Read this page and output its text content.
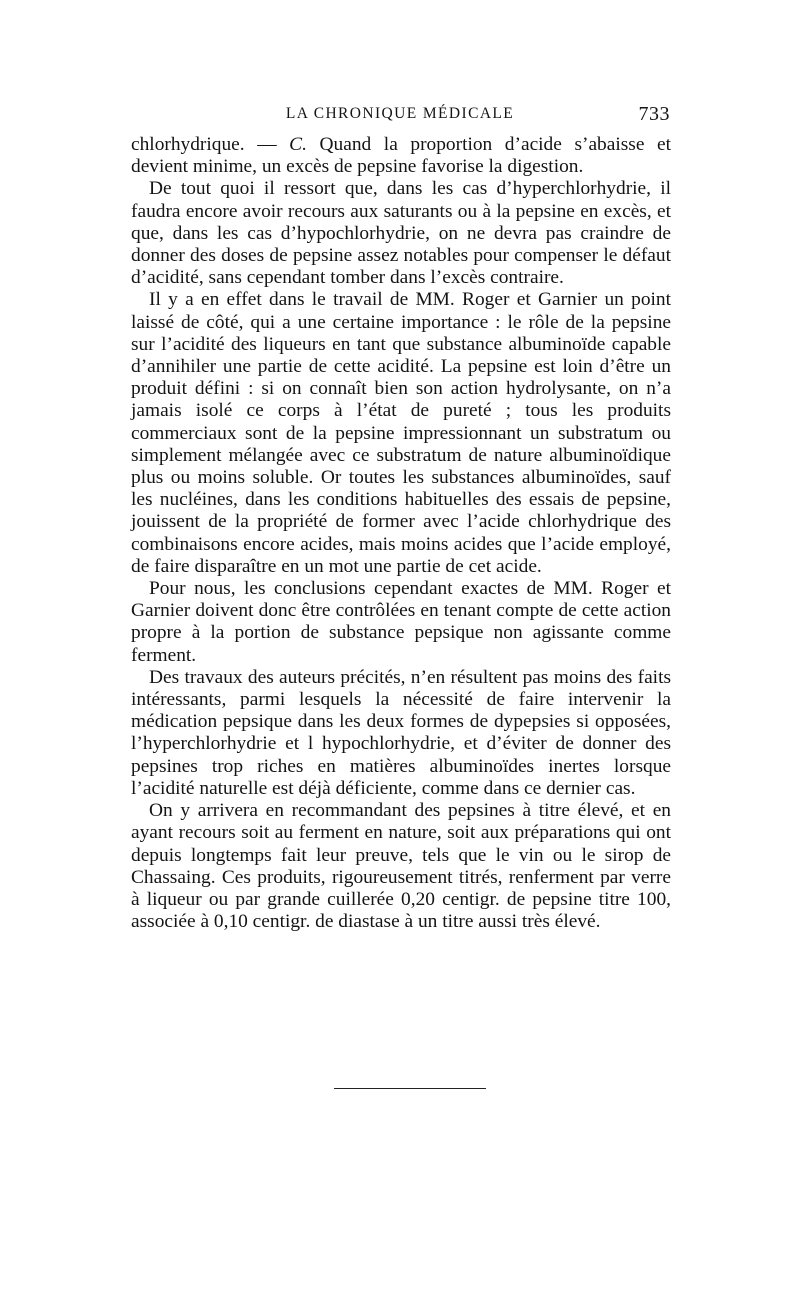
LA CHRONIQUE MÉDICALE	733

chlorhydrique. — C. Quand la proportion d’acide s’abaisse et devient minime, un excès de pepsine favorise la digestion.

De tout quoi il ressort que, dans les cas d’hyperchlorhydrie, il faudra encore avoir recours aux saturants ou à la pepsine en excès, et que, dans les cas d’hypochlorhydrie, on ne devra pas craindre de donner des doses de pepsine assez notables pour compenser le défaut d’acidité, sans cependant tomber dans l’excès contraire.

Il y a en effet dans le travail de MM. Roger et Garnier un point laissé de côté, qui a une certaine importance : le rôle de la pepsine sur l’acidité des liqueurs en tant que substance albuminoïde capable d’annihiler une partie de cette acidité. La pepsine est loin d’être un produit défini : si on connaît bien son action hydrolysante, on n’a jamais isolé ce corps à l’état de pureté ; tous les produits commerciaux sont de la pepsine impressionnant un substratum ou simplement mélangée avec ce substratum de nature albuminoïdique plus ou moins soluble. Or toutes les substances albuminoïdes, sauf les nucléines, dans les conditions habituelles des essais de pepsine, jouissent de la propriété de former avec l’acide chlorhydrique des combinaisons encore acides, mais moins acides que l’acide employé, de faire disparaître en un mot une partie de cet acide.

Pour nous, les conclusions cependant exactes de MM. Roger et Garnier doivent donc être contrôlées en tenant compte de cette action propre à la portion de substance pepsique non agissante comme ferment.

Des travaux des auteurs précités, n’en résultent pas moins des faits intéressants, parmi lesquels la nécessité de faire intervenir la médication pepsique dans les deux formes de dypepsies si opposées, l’hyperchlorhydrie et l hypochlorhydrie, et d’éviter de donner des pepsines trop riches en matières albuminoïdes inertes lorsque l’acidité naturelle est déjà déficiente, comme dans ce dernier cas.

On y arrivera en recommandant des pepsines à titre élevé, et en ayant recours soit au ferment en nature, soit aux préparations qui ont depuis longtemps fait leur preuve, tels que le vin ou le sirop de Chassaing. Ces produits, rigoureusement titrés, renferment par verre à liqueur ou par grande cuillerée 0,20 centigr. de pepsine titre 100, associée à 0,10 centigr. de diastase à un titre aussi très élevé.
